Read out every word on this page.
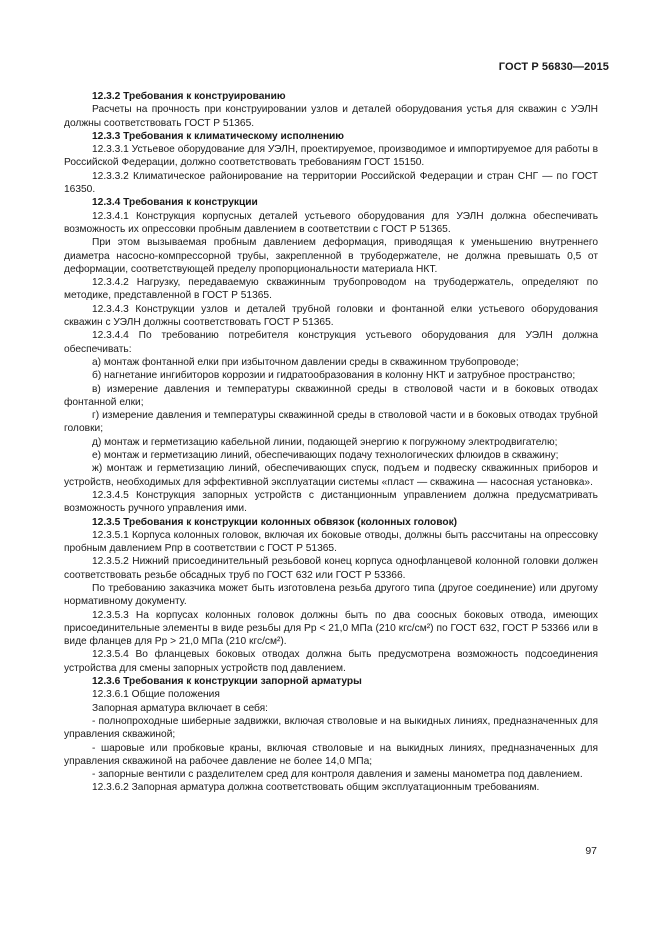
ГОСТ Р 56830—2015

12.3.2 Требования к конструированию

Расчеты на прочность при конструировании узлов и деталей оборудования устья для скважин с УЭЛН должны соответствовать ГОСТ Р 51365.

12.3.3 Требования к климатическому исполнению

12.3.3.1 Устьевое оборудование для УЭЛН, проектируемое, производимое и импортируемое для работы в Российской Федерации, должно соответствовать требованиям ГОСТ 15150.

12.3.3.2 Климатическое районирование на территории Российской Федерации и стран СНГ — по ГОСТ 16350.

12.3.4 Требования к конструкции

12.3.4.1 Конструкция корпусных деталей устьевого оборудования для УЭЛН должна обеспечивать возможность их опрессовки пробным давлением в соответствии с ГОСТ Р 51365.

При этом вызываемая пробным давлением деформация, приводящая к уменьшению внутреннего диаметра насосно-компрессорной трубы, закрепленной в трубодержателе, не должна превышать 0,5 от деформации, соответствующей пределу пропорциональности материала НКТ.

12.3.4.2 Нагрузку, передаваемую скважинным трубопроводом на трубодержатель, определяют по методике, представленной в ГОСТ Р 51365.

12.3.4.3 Конструкции узлов и деталей трубной головки и фонтанной елки устьевого оборудования скважин с УЭЛН должны соответствовать ГОСТ Р 51365.

12.3.4.4 По требованию потребителя конструкция устьевого оборудования для УЭЛН должна обеспечивать:

а) монтаж фонтанной елки при избыточном давлении среды в скважинном трубопроводе;

б) нагнетание ингибиторов коррозии и гидратообразования в колонну НКТ и затрубное пространство;

в) измерение давления и температуры скважинной среды в стволовой части и в боковых отводах фонтанной елки;

г) измерение давления и температуры скважинной среды в стволовой части и в боковых отводах трубной головки;

д) монтаж и герметизацию кабельной линии, подающей энергию к погружному электродвигателю;

е) монтаж и герметизацию линий, обеспечивающих подачу технологических флюидов в скважину;

ж) монтаж и герметизацию линий, обеспечивающих спуск, подъем и подвеску скважинных приборов и устройств, необходимых для эффективной эксплуатации системы «пласт — скважина — насосная установка».

12.3.4.5 Конструкция запорных устройств с дистанционным управлением должна предусматривать возможность ручного управления ими.

12.3.5 Требования к конструкции колонных обвязок (колонных головок)

12.3.5.1 Корпуса колонных головок, включая их боковые отводы, должны быть рассчитаны на опрессовку пробным давлением Pпр в соответствии с ГОСТ Р 51365.

12.3.5.2 Нижний присоединительный резьбовой конец корпуса однофланцевой колонной головки должен соответствовать резьбе обсадных труб по ГОСТ 632 или ГОСТ Р 53366.

По требованию заказчика может быть изготовлена резьба другого типа (другое соединение) или другому нормативному документу.

12.3.5.3 На корпусах колонных головок должны быть по два соосных боковых отвода, имеющих присоединительные элементы в виде резьбы для Рр < 21,0 МПа (210 кгс/см²) по ГОСТ 632, ГОСТ Р 53366 или в виде фланцев для Рр > 21,0 МПа (210 кгс/см²).

12.3.5.4 Во фланцевых боковых отводах должна быть предусмотрена возможность подсоединения устройства для смены запорных устройств под давлением.

12.3.6 Требования к конструкции запорной арматуры

12.3.6.1 Общие положения

Запорная арматура включает в себя:

- полнопроходные шиберные задвижки, включая стволовые и на выкидных линиях, предназначенных для управления скважиной;

- шаровые или пробковые краны, включая стволовые и на выкидных линиях, предназначенных для управления скважиной на рабочее давление не более 14,0 МПа;

- запорные вентили с разделителем сред для контроля давления и замены манометра под давлением.

12.3.6.2 Запорная арматура должна соответствовать общим эксплуатационным требованиям.

97
